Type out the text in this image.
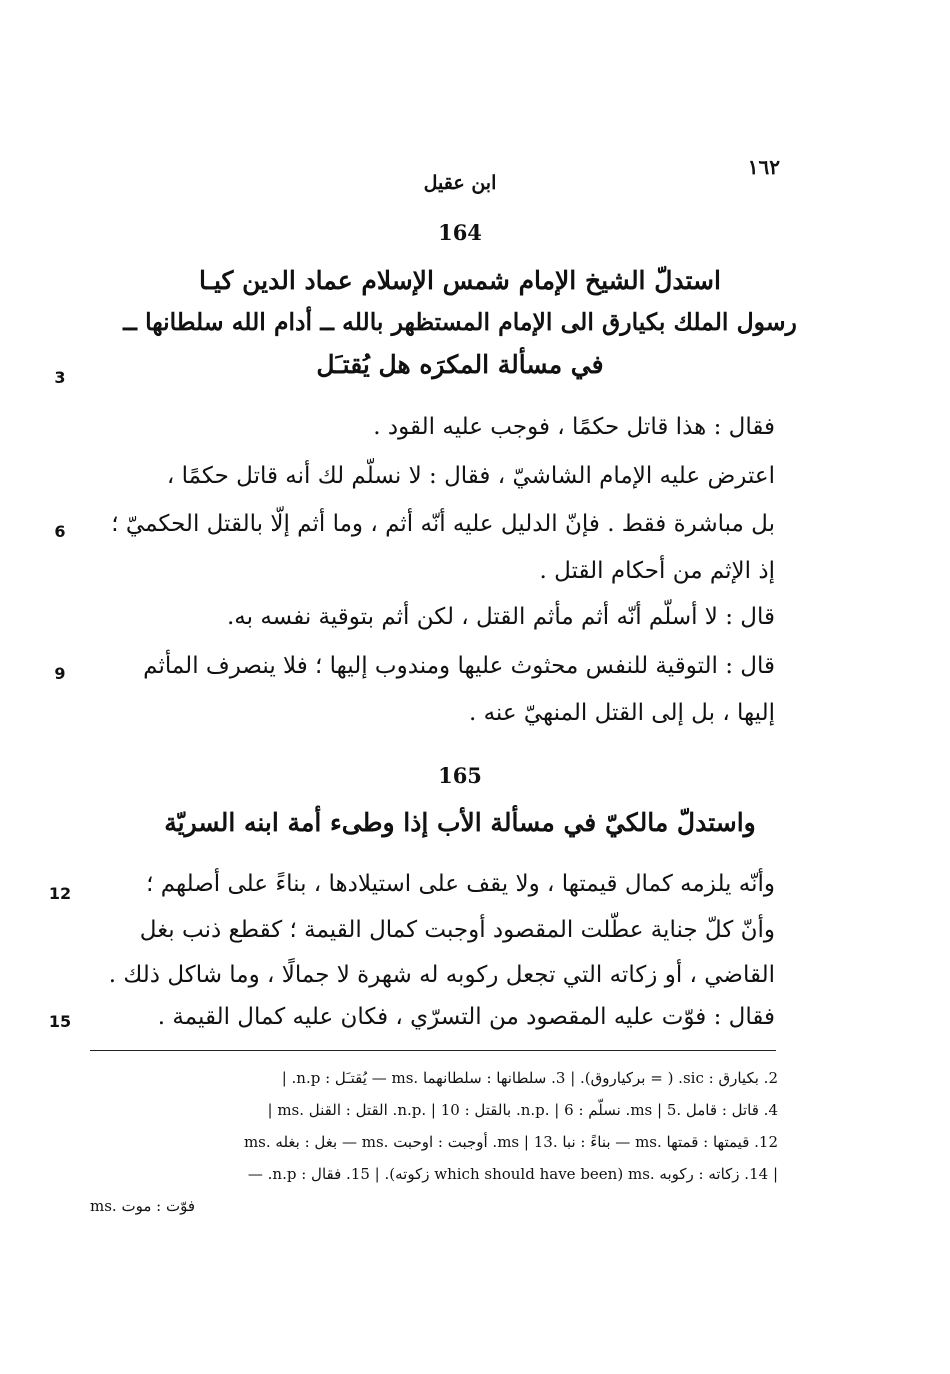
١٦٢
ابن عقيل
164
استدلّ الشيخ الإمام شمس الإسلام عماد الدين كيـا
رسول الملك بكيارق الى الإمام المستظهر بالله ــ أدام الله سلطانها ــ
في مسألة المكرَه هل يُقتـَل
3
فقال : هذا قاتل حكمًا ، فوجب عليه القود .
اعترض عليه الإمام الشاشيّ ، فقال : لا نسلّم لك أنه قاتل حكمًا ،
بل مباشرة فقط . فإنّ الدليل عليه أنّه أثم ، وما أثم إلّا بالقتل الحكميّ ؛
6
إذ الإثم من أحكام القتل .
قال : لا أسلّم أنّه أثم مأثم القتل ، لكن أثم بتوقية نفسه به.
قال : التوقية للنفس محثوث عليها ومندوب إليها ؛ فلا ينصرف المأثم
9
إليها ، بل إلى القتل المنهيّ عنه .
165
واستدلّ مالكيّ في مسألة الأب إذا وطىء أمة ابنه السريّة
وأنّه يلزمه كمال قيمتها ، ولا يقف على استيلادها ، بناءً على أصلهم ؛
12
وأنّ كلّ جناية عطّلت المقصود أوجبت كمال القيمة ؛ كقطع ذنب بغل
القاضي ، أو زكاته التي تجعل ركوبه له شهرة لا جمالًا ، وما شاكل ذلك .
فقال : فوّت عليه المقصود من التسرّي ، فكان عليه كمال القيمة .
15
2. بكيارق : sic. ( = بركياروق). | 3. سلطانها : سلطانهما .ms — يُقتـَل : n.p. |
4. قاتل : قامل .ms | 5. نسلّم : n.p. | 6. بالقتل : n.p. | 10. القتل : القنل .ms |
12. قيمتها : قمتها .ms — بناءً : نبا .ms | 13. أوجبت : اوحبت .ms — بغل : بغله .ms
| 14. زكاته : ركوبه .ms (which should have been زكوته). | 15. فقال : n.p. —
فوّت : موت .ms
